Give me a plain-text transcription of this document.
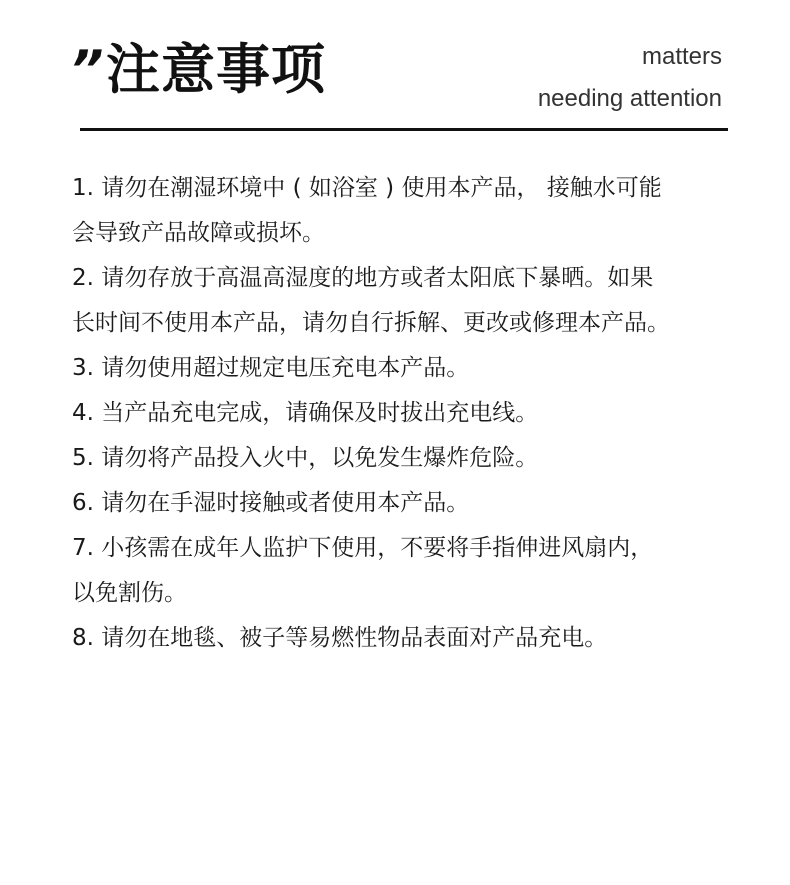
” 注意事项	matters
needing attention
1. 请勿在潮湿环境中 ( 如浴室 ) 使用本产品， 接触水可能
会导致产品故障或损坏。
2. 请勿存放于高温高湿度的地方或者太阳底下暴晒。如果
长时间不使用本产品，请勿自行拆解、更改或修理本产品。
3. 请勿使用超过规定电压充电本产品。
4. 当产品充电完成，请确保及时拔出充电线。
5. 请勿将产品投入火中，以免发生爆炸危险。
6. 请勿在手湿时接触或者使用本产品。
7. 小孩需在成年人监护下使用，不要将手指伸进风扇内，
以免割伤。
8. 请勿在地毯、被子等易燃性物品表面对产品充电。
